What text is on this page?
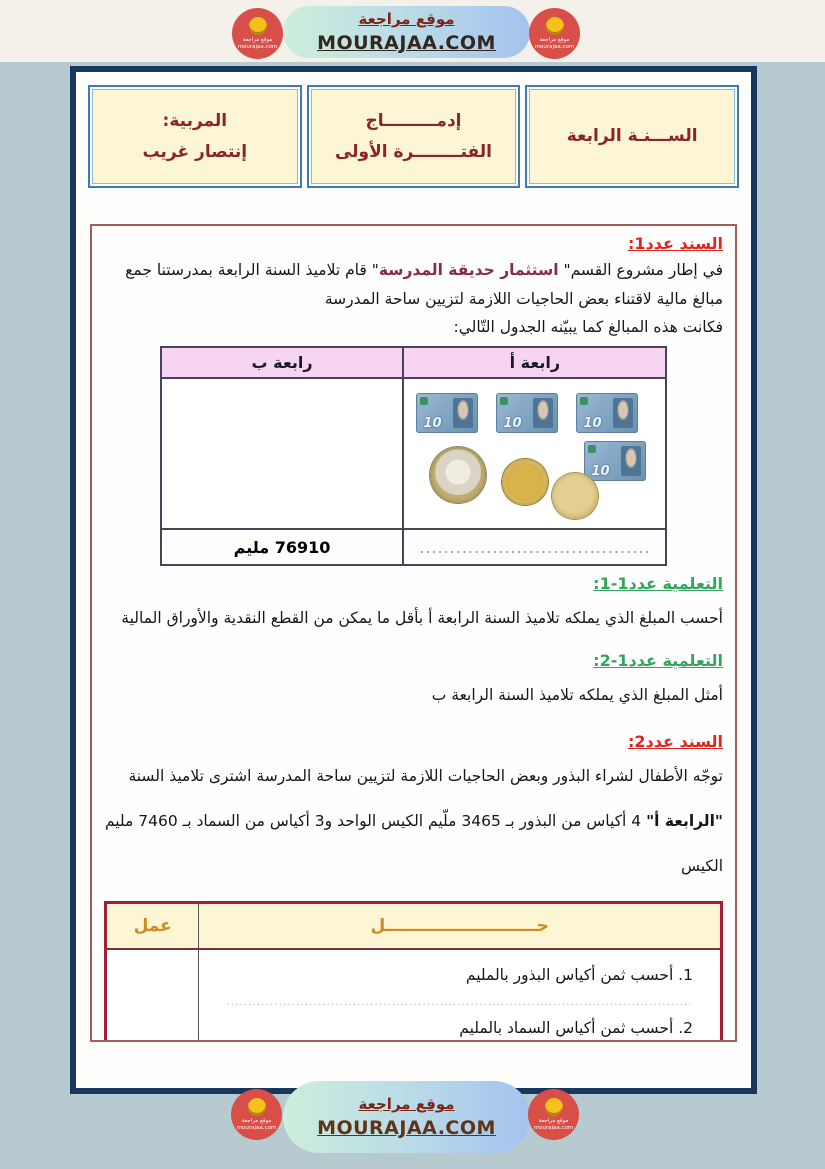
موقع مراجعة
mourajaa.com
موقع مراجعة
MOURAJAA.COM	موقع مراجعة
mourajaa.com
الســـنـة الرابعة
إدمـــــــــاج
الفتــــــــرة الأولى
المربية:
إنتصار غريب
السند عدد1:

في إطار مشروع القسم" استثمار حديقة المدرسة" قام تلاميذ السنة الرابعة بمدرستنا جمع مبالغ مالية لاقتناء بعض الحاجيات اللازمة لتزيين ساحة المدرسة

فكانت هذه المبالغ كما يبيّنه الجدول التّالي:

رابعة أ	رابعة ب

10 10 10
10	

......................................	76910 مليم
التعلمية عدد1-1:

أحسب المبلغ الذي يملكه تلاميذ السنة الرابعة أ بأقل ما يمكن من القطع النقدية والأوراق المالية

التعلمية عدد1-2:

أمثل المبلغ الذي يملكه تلاميذ السنة الرابعة ب

السند عدد2:

توجّه الأطفال لشراء البذور وبعض الحاجيات اللازمة لتزيين ساحة المدرسة اشترى تلاميذ السنة "الرابعة أ" 4 أكياس من البذور بـ 3465 ملّيم الكيس الواحد و3 أكياس من السماد بـ 7460 مليم الكيس

حــــــــــــــــــــــــــل	عمل

1. أحسب ثمن أكياس البذور بالمليم
...........................................................................................................
2. أحسب ثمن أكياس السماد بالمليم	

موقع مراجعة
mourajaa.com
موقع مراجعة
MOURAJAA.COM	موقع مراجعة
mourajaa.com
